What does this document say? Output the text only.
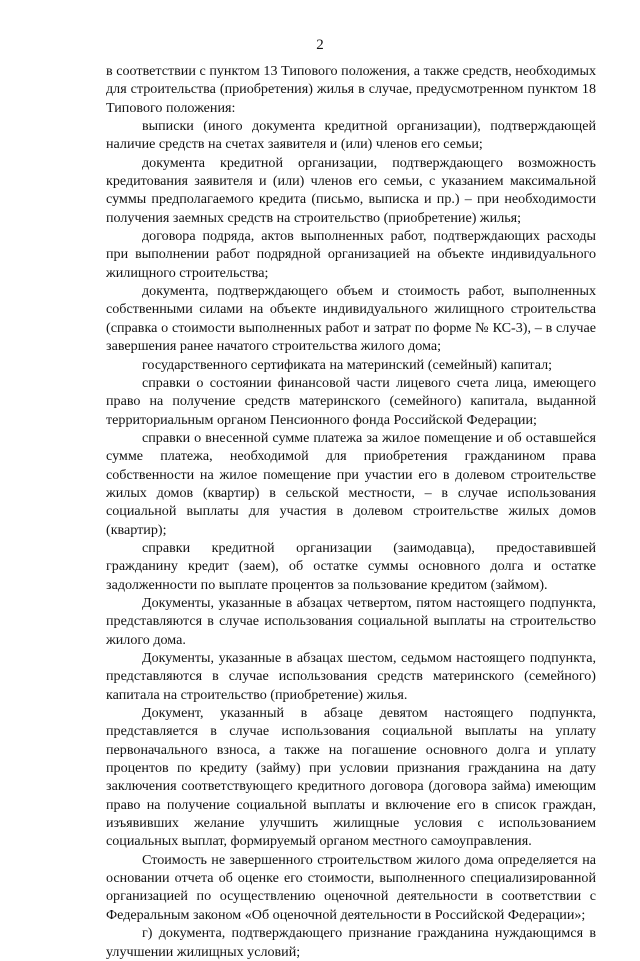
2

в соответствии с пунктом 13 Типового положения, а также средств, необходимых для строительства (приобретения) жилья в случае, предусмотренном пунктом 18 Типового положения:

выписки (иного документа кредитной организации), подтверждающей наличие средств на счетах заявителя и (или) членов его семьи;

документа кредитной организации, подтверждающего возможность кредитования заявителя и (или) членов его семьи, с указанием максимальной суммы предполагаемого кредита (письмо, выписка и пр.) – при необходимости получения заемных средств на строительство (приобретение) жилья;

договора подряда, актов выполненных работ, подтверждающих расходы при выполнении работ подрядной организацией на объекте индивидуального жилищного строительства;

документа, подтверждающего объем и стоимость работ, выполненных собственными силами на объекте индивидуального жилищного строительства (справка о стоимости выполненных работ и затрат по форме № КС-3), – в случае завершения ранее начатого строительства жилого дома;

государственного сертификата на материнский (семейный) капитал;

справки о состоянии финансовой части лицевого счета лица, имеющего право на получение средств материнского (семейного) капитала, выданной территориальным органом Пенсионного фонда Российской Федерации;

справки о внесенной сумме платежа за жилое помещение и об оставшейся сумме платежа, необходимой для приобретения гражданином права собственности на жилое помещение при участии его в долевом строительстве жилых домов (квартир) в сельской местности, – в случае использования социальной выплаты для участия в долевом строительстве жилых домов (квартир);

справки кредитной организации (заимодавца), предоставившей гражданину кредит (заем), об остатке суммы основного долга и остатке задолженности по выплате процентов за пользование кредитом (займом).

Документы, указанные в абзацах четвертом, пятом настоящего подпункта, представляются в случае использования социальной выплаты на строительство жилого дома.

Документы, указанные в абзацах шестом, седьмом настоящего подпункта, представляются в случае использования средств материнского (семейного) капитала на строительство (приобретение) жилья.

Документ, указанный в абзаце девятом настоящего подпункта, представляется в случае использования социальной выплаты на уплату первоначального взноса, а также на погашение основного долга и уплату процентов по кредиту (займу) при условии признания гражданина на дату заключения соответствующего кредитного договора (договора займа) имеющим право на получение социальной выплаты и включение его в список граждан, изъявивших желание улучшить жилищные условия с использованием социальных выплат, формируемый органом местного самоуправления.

Стоимость не завершенного строительством жилого дома определяется на основании отчета об оценке его стоимости, выполненного специализированной организацией по осуществлению оценочной деятельности в соответствии с Федеральным законом «Об оценочной деятельности в Российской Федерации»;

г) документа, подтверждающего признание гражданина нуждающимся в улучшении жилищных условий;
